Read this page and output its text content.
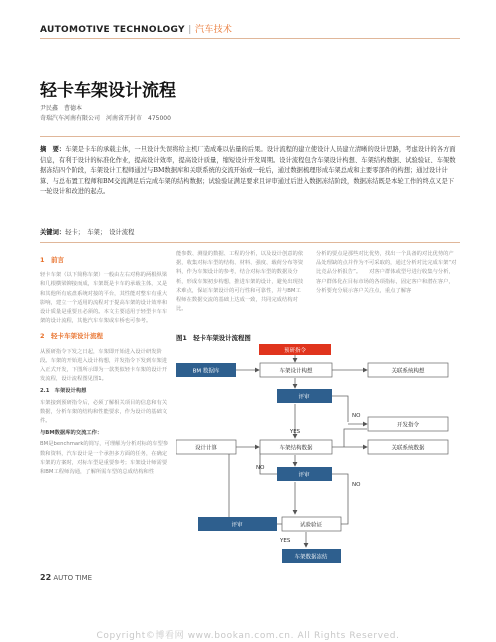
AUTOMOTIVE TECHNOLOGY | 汽车技术
轻卡车架设计流程
尹民鑫　曹德本
奇瑞汽车河南有限公司　河南省开封市　475000
摘　要：车架是卡车的承载主体，一旦设计失误将给主机厂造成难以估量的后果。设计流程的建立使设计人员建立清晰的设计思路，考虑设计的各方面信息，有利于设计的标准化作业，提高设计效率，提高设计质量，缩短设计开发周期。设计流程包含车架设计构想、车架结构数据、试验验证、车架数据冻结四个阶段，车架设计工程师通过与BM数据库和关联系统的交流开始或一轮后，通过数据梳理形成车架总成和主要零部件的构想；通过设计计算、与总布置工程师和BM交流满足后完成车架的结构数据；试验验证满足要求且评审通过后进入数据冻结阶段，数据冻结既是本轮工作的终点又是下一轮设计和改进的起点。
关键词：轻卡；　车架；　设计流程
1　前言

轻卡车架（以下简称车架）一般由左右对称的两根纵梁和几根横梁铆接而成，车架既是卡车的承载主体，又是和其他所有底盘系统对接的平台，其性能对整车有重大影响，建立一个适用的流程对于提高车架的设计效率和设计质量是重要且必须的。本文主要适用于轻型卡车车架的设计流程，其他汽车车架或车桥也可参考。

2　轻卡车架设计流程

从预研指令下发之日起，车架即开始进入设计研发阶段。车架的开始进入设计构想，并发指令下发到车架进入正式开发，下图所示即为一款类似轻卡车架的设计开发流程，设计流程图见图1。

2.1　车架设计构想

车架接到预研指令后，必须了解相关项目的信息和有关数据，分析车架的结构和性能要求，作为设计的基础文件。

与BM数据库的交流工作：

BM是benchmark的简写，可理解为分析对标的车型参数和资料，汽车设计是一个承担多方面的任务，在确定车架的方案时，对标车型是重要参考；车架设计师需要和BM工程师沟通，了解所需车型的总成结构和性

能参数、测量的数据、工程的分析，以及设计创意的依据，收集对标车型的结构、材料、强度、载荷分布等资料，作为车架设计的参考，结合对标车型的数据及分析，形成车架初步构想，推进车架的设计，避免出现技术难点，保证车架设计的可行性和可靠性，并与BM工程师在数据交流的基础上达成一致，共同完成结构对比。

分析的要点是那些对比优势，找出一个具备的对比优势的产品处理缺的点并作为不可采取的，通过分析对比完成车架“对比竞品分析报告”。　　对客户群体或型号进行收集与分析，客户群体化在目标市场的各项指标，固定客户和潜在客户，分析要充分展示客户关注点，重点了解客

图1　轻卡车架设计流程图
预研指令
BM 数据库	车架设计构想	关联系统构想
评审
NO
开发指令
YES
设计计算	车架结构数据	关联系统数据
NO
评审
NO
评审	试验验证
YES
车架数据冻结
22 AUTO TIME
Copyright©博看网 www.bookan.com.cn. All Rights Reserved.
